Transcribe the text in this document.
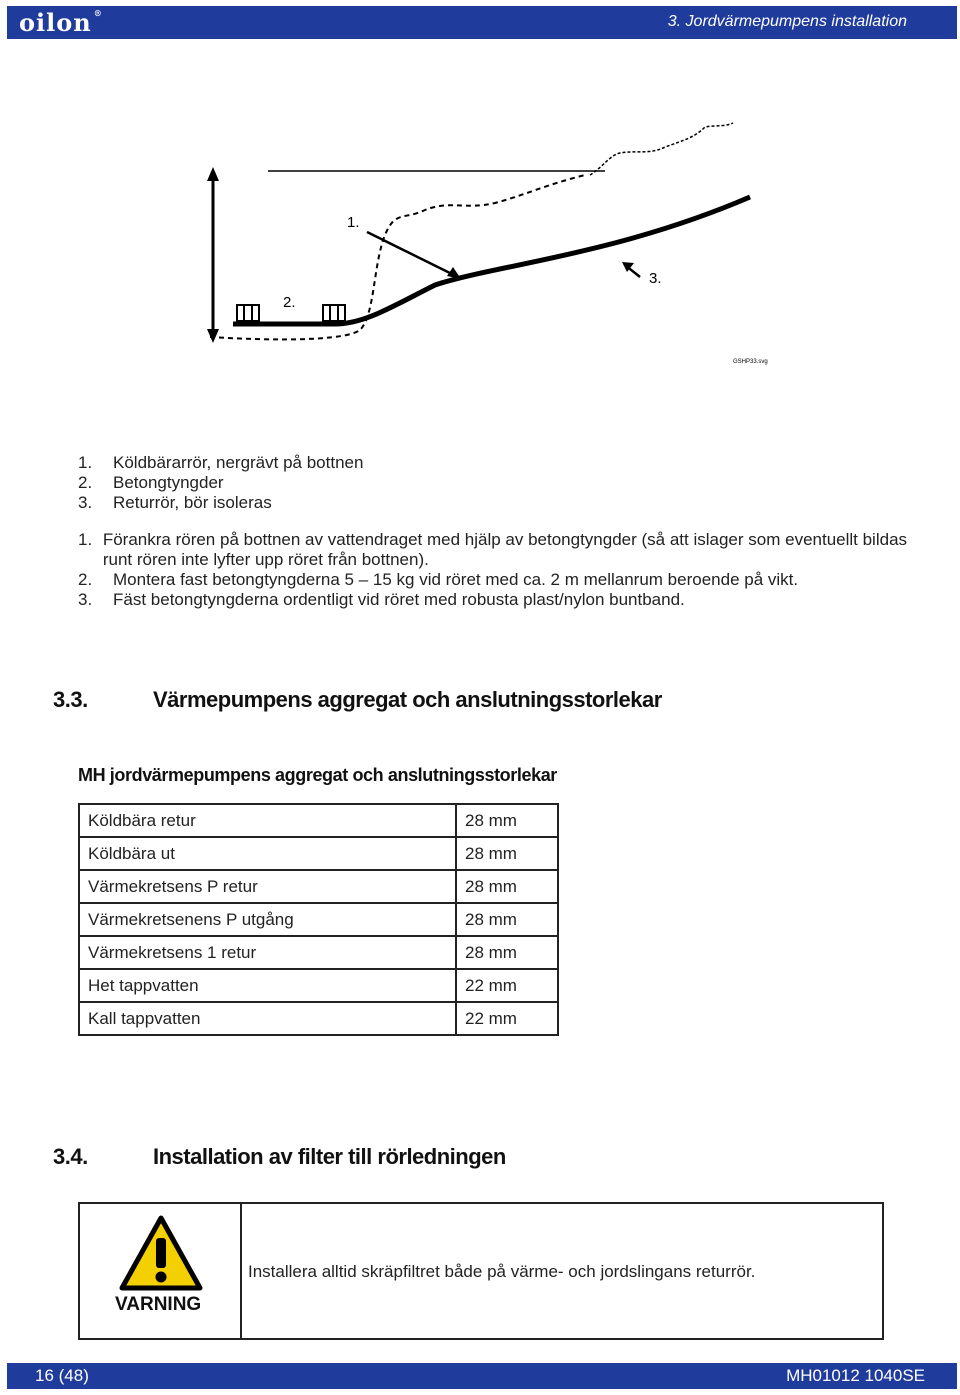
oilon ®	3. Jordvärmepumpens installation
1.
2.
3.
GSHP33.svg
1.	Köldbärarrör, nergrävt på bottnen
2.	Betongtyngder
3.	Returrör, bör isoleras
1. Förankra rören på bottnen av vattendraget med hjälp av betongtyngder (så att islager som eventuellt bildas runt rören inte lyfter upp röret från bottnen).
2.	Montera fast betongtyngderna 5 – 15 kg vid röret med ca. 2 m mellanrum beroende på vikt.
3.	Fäst betongtyngderna ordentligt vid röret med robusta plast/nylon buntband.
3.3.	Värmepumpens aggregat och anslutningsstorlekar
MH jordvärmepumpens aggregat och anslutningsstorlekar
Köldbära retur	28 mm
Köldbära ut	28 mm
Värmekretsens P retur	28 mm
Värmekretsenens P utgång	28 mm
Värmekretsens 1 retur	28 mm
Het tappvatten	22 mm
Kall tappvatten	22 mm
3.4.	Installation av filter till rörledningen
VARNING
Installera alltid skräpfiltret både på värme- och jordslingans returrör.
16 (48)	MH01012 1040SE
